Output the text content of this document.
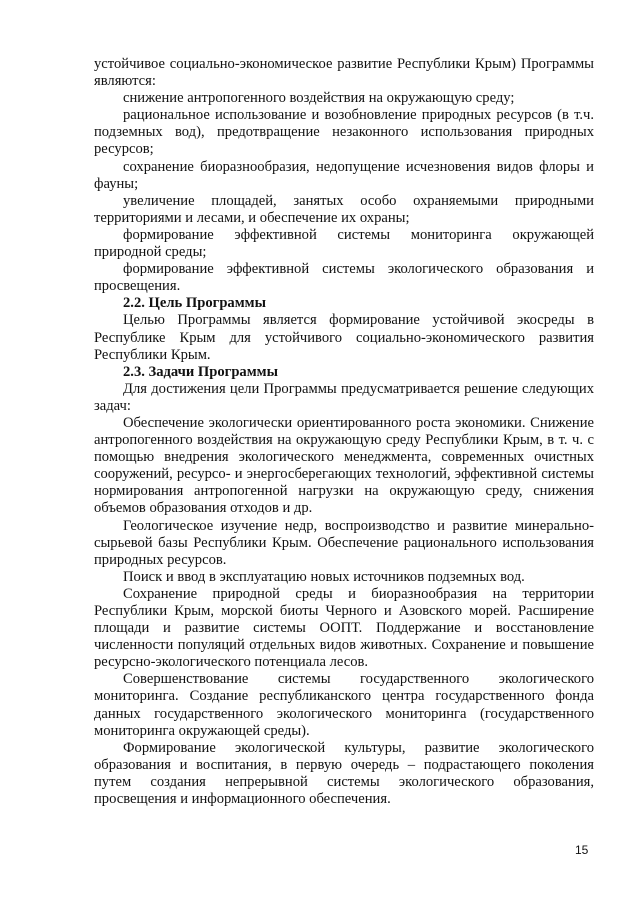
устойчивое социально-экономическое развитие Республики Крым) Программы являются:

снижение антропогенного воздействия на окружающую среду;

рациональное использование и возобновление природных ресурсов (в т.ч. подземных вод), предотвращение незаконного использования природных ресурсов;

сохранение биоразнообразия, недопущение исчезновения видов флоры и фауны;

увеличение площадей, занятых особо охраняемыми природными территориями и лесами, и обеспечение их охраны;

формирование эффективной системы мониторинга окружающей природной среды;

формирование эффективной системы экологического образования и просвещения.

2.2. Цель Программы

Целью Программы является формирование устойчивой экосреды в Республике Крым для устойчивого социально-экономического развития Республики Крым.

2.3. Задачи Программы

Для достижения цели Программы предусматривается решение следующих задач:

Обеспечение экологически ориентированного роста экономики. Снижение антропогенного воздействия на окружающую среду Республики Крым, в т. ч. с помощью внедрения экологического менеджмента, современных очистных сооружений, ресурсо- и энергосберегающих технологий, эффективной системы нормирования антропогенной нагрузки на окружающую среду, снижения объемов образования отходов и др.

Геологическое изучение недр, воспроизводство и развитие минерально-сырьевой базы Республики Крым. Обеспечение рационального использования природных ресурсов.

Поиск и ввод в эксплуатацию новых источников подземных вод.

Сохранение природной среды и биоразнообразия на территории Республики Крым, морской биоты Черного и Азовского морей. Расширение площади и развитие системы ООПТ. Поддержание и восстановление численности популяций отдельных видов животных. Сохранение и повышение ресурсно-экологического потенциала лесов.

Совершенствование системы государственного экологического мониторинга. Создание республиканского центра государственного фонда данных государственного экологического мониторинга (государственного мониторинга окружающей среды).

Формирование экологической культуры, развитие экологического образования и воспитания, в первую очередь – подрастающего поколения путем создания непрерывной системы экологического образования, просвещения и информационного обеспечения.

15
